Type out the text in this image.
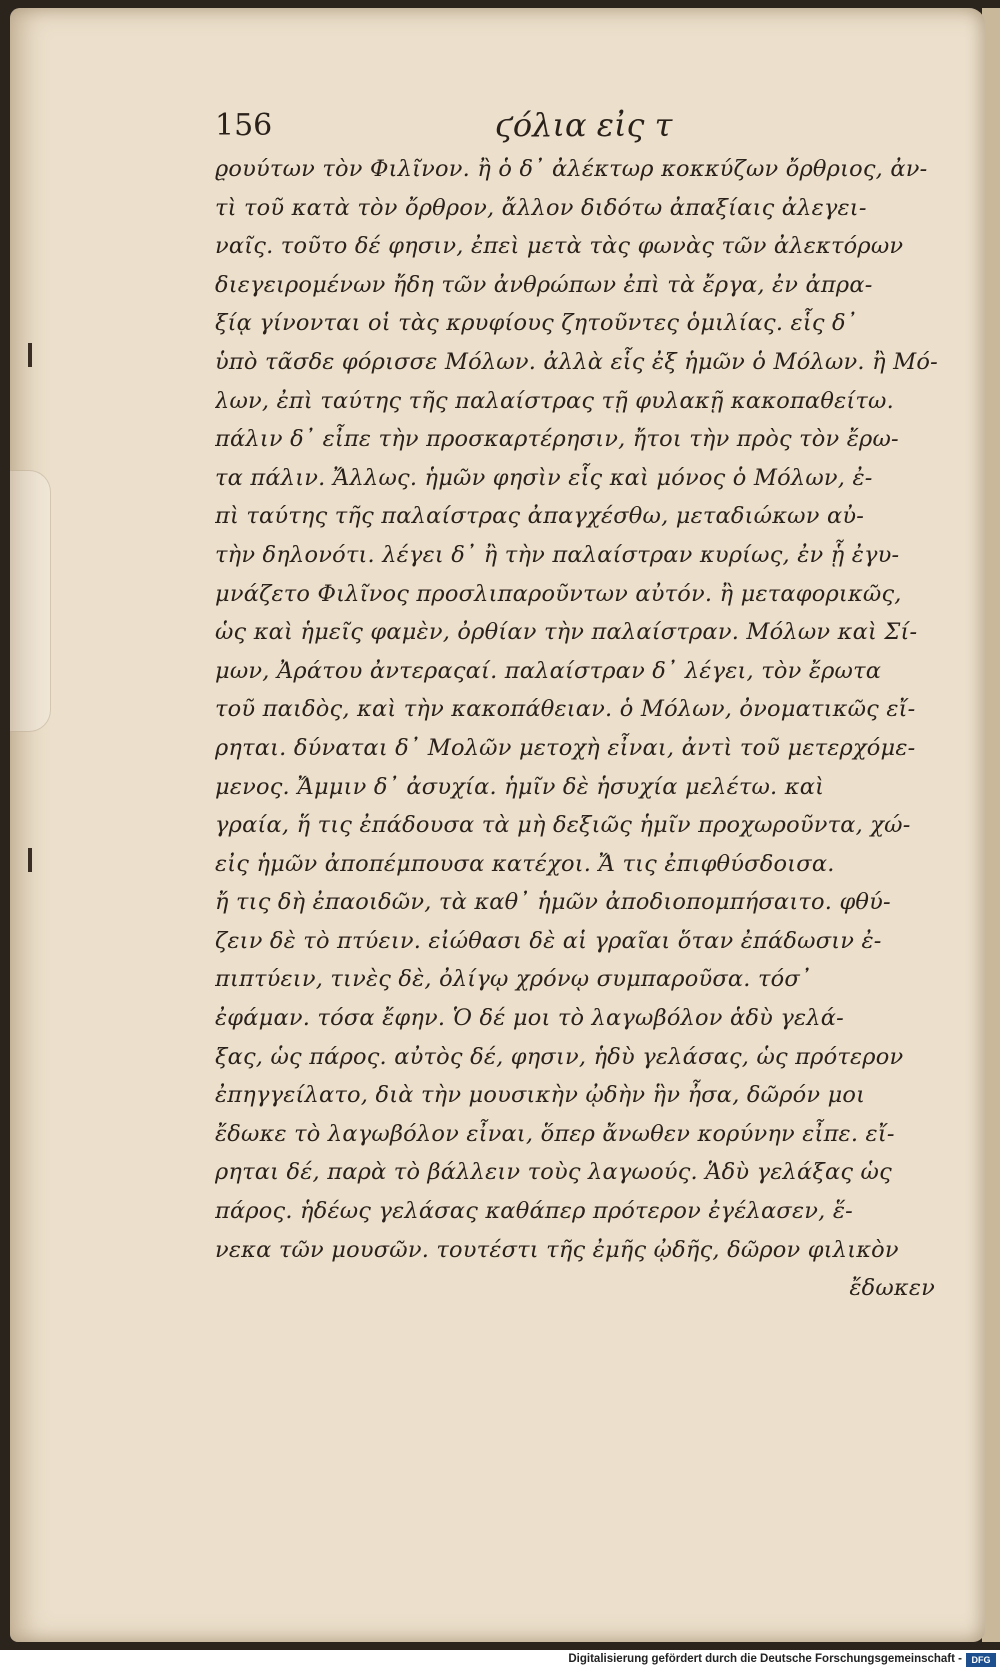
156	ϛόλια εἰς τ
ϱουύτων τὸν Φιλῖνον. ἢ ὁ δ᾽ ἀλέκτωρ κοκκύζων ὄρθριος, ἀν-
τὶ τοῦ κατὰ τὸν ὄρθρον, ἄλλον διδότω ἀπαξίαις ἀλεγει-
ναῖς. τοῦτο δέ φησιν, ἐπεὶ μετὰ τὰς φωνὰς τῶν ἀλεκτόρων
διεγειρομένων ἤδη τῶν ἀνθρώπων ἐπὶ τὰ ἔργα, ἐν ἀπρα-
ξίᾳ γίνονται οἱ τὰς κρυφίους ζητοῦντες ὁμιλίας. εἷς δ᾽
ὑπὸ τᾶσδε φόρισσε Μόλων. ἀλλὰ εἷς ἐξ ἡμῶν ὁ Μόλων. ἢ Μό-
λων, ἐπὶ ταύτης τῆς παλαίστρας τῇ φυλακῇ κακοπαθείτω.
πάλιν δ᾽ εἶπε τὴν προσκαρτέρησιν, ἤτοι τὴν πρὸς τὸν ἔρω-
τα πάλιν. Ἄλλως. ἡμῶν φησὶν εἷς καὶ μόνος ὁ Μόλων, ἐ-
πὶ ταύτης τῆς παλαίστρας ἀπαγχέσθω, μεταδιώκων αὐ-
τὴν δηλονότι. λέγει δ᾽ ἢ τὴν παλαίστραν κυρίως, ἐν ᾗ ἐγυ-
μνάζετο Φιλῖνος προσλιπαροῦντων αὐτόν. ἢ μεταφορικῶς,
ὡς καὶ ἡμεῖς φαμὲν, ὀρθίαν τὴν παλαίστραν. Μόλων καὶ Σί-
μων, Ἀράτου ἀντεραςαί. παλαίστραν δ᾽ λέγει, τὸν ἔρωτα
τοῦ παιδὸς, καὶ τὴν κακοπάθειαν. ὁ Μόλων, ὀνοματικῶς εἴ-
ρηται. δύναται δ᾽ Μολῶν μετοχὴ εἶναι, ἀντὶ τοῦ μετερχόμε-
μενος. Ἄμμιν δ᾽ ἀσυχία. ἡμῖν δὲ ἡσυχία μελέτω. καὶ
γραία, ἥ τις ἐπάδουσα τὰ μὴ δεξιῶς ἡμῖν προχωροῦντα, χώ-
εἰς ἡμῶν ἀποπέμπουσα κατέχοι. Ἄ τις ἐπιφθύσδοισα.
ἤ τις δὴ ἐπαοιδῶν, τὰ καθ᾽ ἡμῶν ἀποδιοπομπήσαιτο. φθύ-
ζειν δὲ τὸ πτύειν. εἰώθασι δὲ αἱ γραῖαι ὅταν ἐπάδωσιν ἐ-
πιπτύειν, τινὲς δὲ, ὀλίγῳ χρόνῳ συμπαροῦσα. τόσ᾽
ἐφάμαν. τόσα ἔφην. Ὁ δέ μοι τὸ λαγωβόλον ἁδὺ γελά-
ξας, ὡς πάρος. αὐτὸς δέ, φησιν, ἡδὺ γελάσας, ὡς πρότερον
ἐπηγγείλατο, διὰ τὴν μουσικὴν ᾠδὴν ἣν ἦσα, δῶρόν μοι
ἔδωκε τὸ λαγωβόλον εἶναι, ὅπερ ἄνωθεν κορύνην εἶπε. εἴ-
ρηται δέ, παρὰ τὸ βάλλειν τοὺς λαγωούς. Ἁδὺ γελάξας ὡς
πάρος. ἡδέως γελάσας καθάπερ πρότερον ἐγέλασεν, ἕ-
νεκα τῶν μουσῶν. τουτέστι τῆς ἐμῆς ᾠδῆς, δῶρον φιλικὸν
ἔδωκεν
Digitalisierung gefördert durch die Deutsche Forschungsgemeinschaft -	DFG
